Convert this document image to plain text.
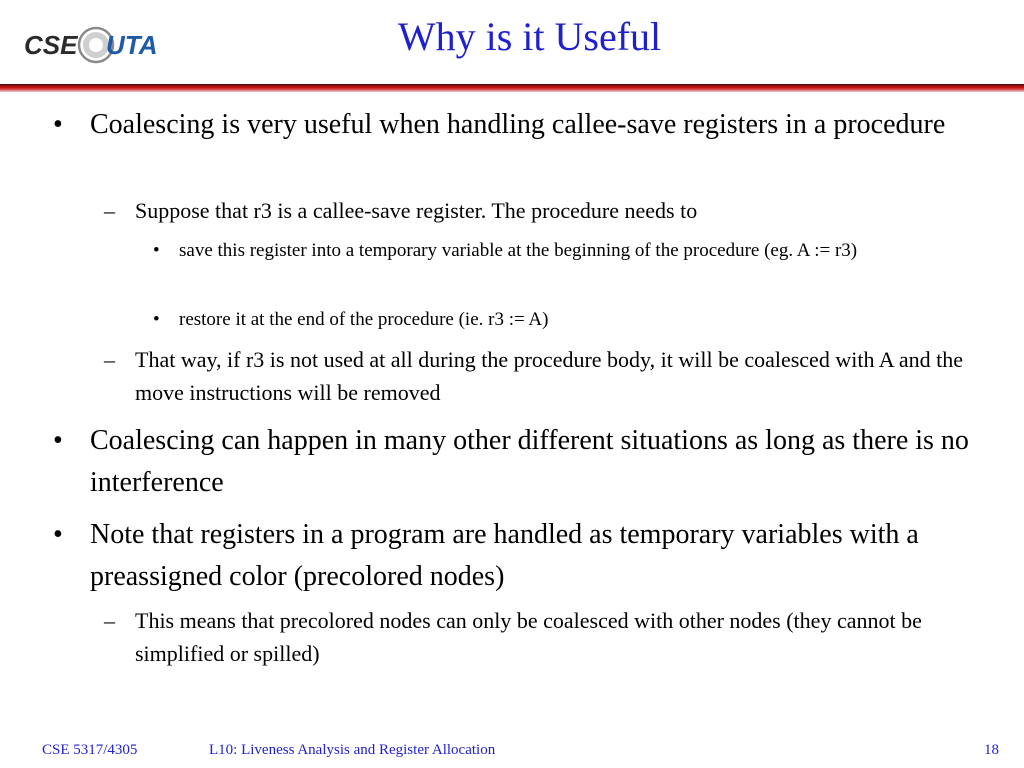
CSE UTA	Why is it Useful
• Coalescing is very useful when handling callee-save registers in a procedure
– Suppose that r3 is a callee-save register. The procedure needs to
•	save this register into a temporary variable at the beginning of the procedure (eg. A := r3)
•	restore it at the end of the procedure (ie. r3 := A)
– That way, if r3 is not used at all during the procedure body, it will be coalesced with A and the move instructions will be removed
• Coalescing can happen in many other different situations as long as there is no interference
• Note that registers in a program are handled as temporary variables with a preassigned color (precolored nodes)
– This means that precolored nodes can only be coalesced with other nodes (they cannot be simplified or spilled)
CSE 5317/4305	L10: Liveness Analysis and Register Allocation	18
